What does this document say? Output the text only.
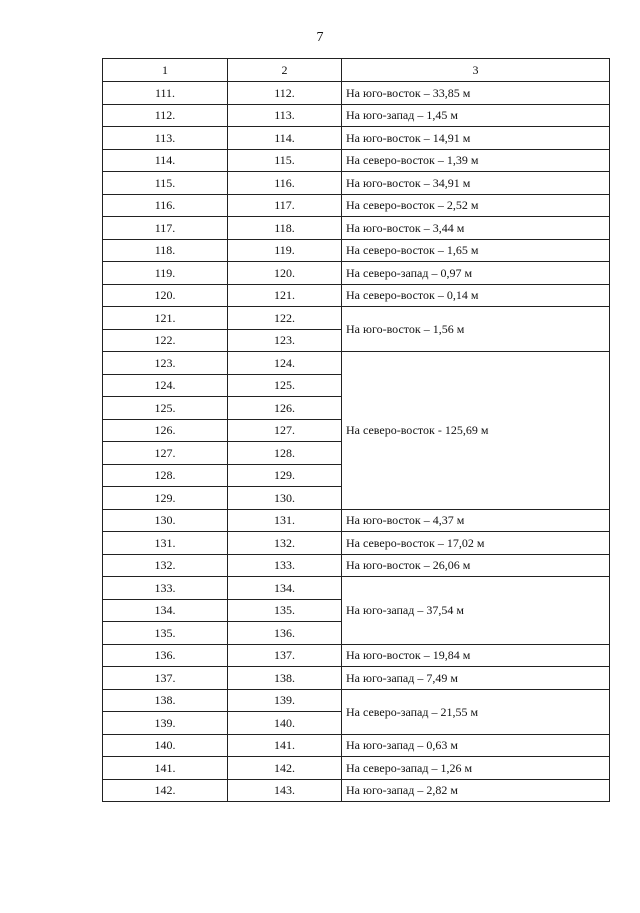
7
1	2	3
111.	112.	На юго-восток – 33,85 м
112.	113.	На юго-запад – 1,45 м
113.	114.	На юго-восток – 14,91 м
114.	115.	На северо-восток – 1,39 м
115.	116.	На юго-восток – 34,91 м
116.	117.	На северо-восток – 2,52 м
117.	118.	На юго-восток – 3,44 м
118.	119.	На северо-восток – 1,65 м
119.	120.	На северо-запад – 0,97 м
120.	121.	На северо-восток – 0,14 м
121.	122.	На юго-восток – 1,56 м
122.	123.	
123.	124.	На северо-восток - 125,69 м
124.	125.	
125.	126.	
126.	127.	
127.	128.	
128.	129.	
129.	130.	
130.	131.	На юго-восток – 4,37 м
131.	132.	На северо-восток – 17,02 м
132.	133.	На юго-восток – 26,06 м
133.	134.	На юго-запад – 37,54 м
134.	135.	
135.	136.	
136.	137.	На юго-восток – 19,84 м
137.	138.	На юго-запад – 7,49 м
138.	139.	На северо-запад – 21,55 м
139.	140.	
140.	141.	На юго-запад – 0,63 м
141.	142.	На северо-запад – 1,26 м
142.	143.	На юго-запад – 2,82 м
